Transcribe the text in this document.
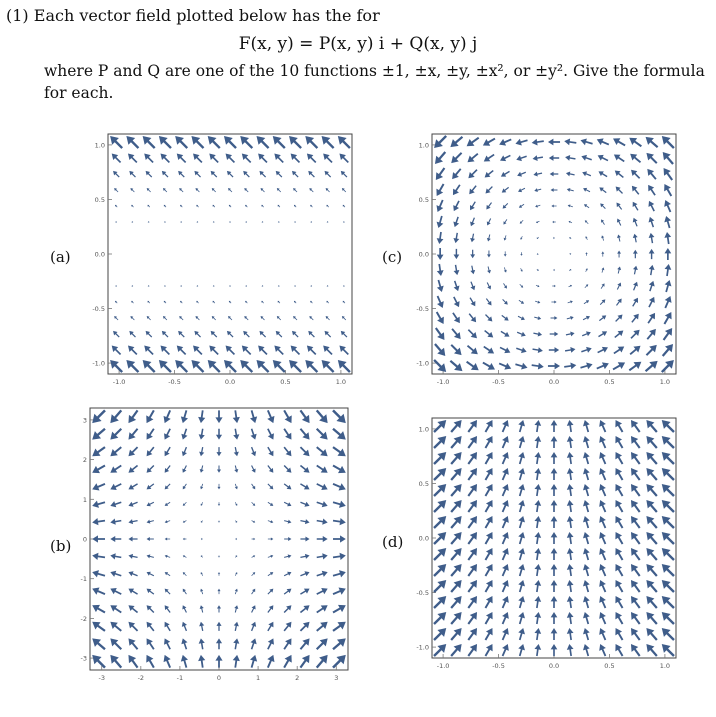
(1) Each vector field plotted below has the for
F(x, y) = P(x, y) i + Q(x, y) j
where P and Q are one of the 10 functions ±1, ±x, ±y, ±x², or ±y². Give the formula
for each.
(a)	(c)
(b)	(d)
-1.0	-0.5	0.0	0.5	1.0
-1.0
-0.5
0.0
0.5
1.0
-1.0	-0.5	0.0	0.5	1.0
-1.0
-0.5
0.0
0.5
1.0
-3	-2	-1	0	1	2	3
-3
-2
-1
0
1
2
3
-1.0	-0.5	0.0	0.5	1.0
-1.0
-0.5
0.0
0.5
1.0
